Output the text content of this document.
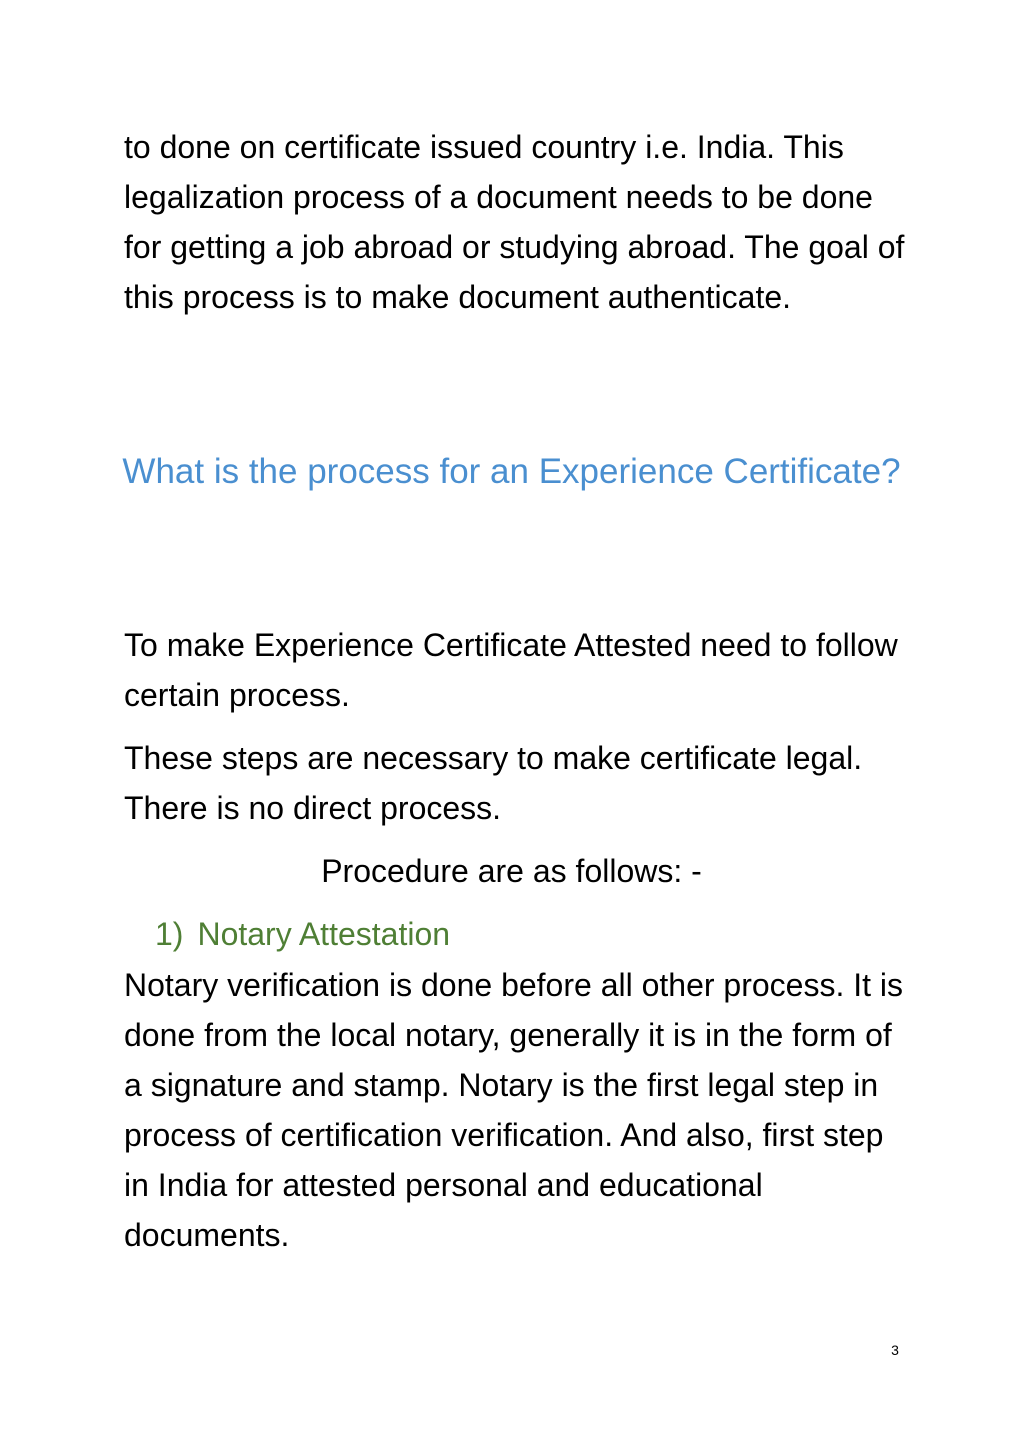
to done on certificate issued country i.e. India. This legalization process of a document needs to be done for getting a job abroad or studying abroad. The goal of this process is to make document authenticate.

What is the process for an Experience Certificate?

To make Experience Certificate Attested need to follow certain process.

These steps are necessary to make certificate legal. There is no direct process.

Procedure are as follows: -

1) Notary Attestation

Notary verification is done before all other process. It is done from the local notary, generally it is in the form of a signature and stamp. Notary is the first legal step in process of certification verification. And also, first step in India for attested personal and educational documents.

3
